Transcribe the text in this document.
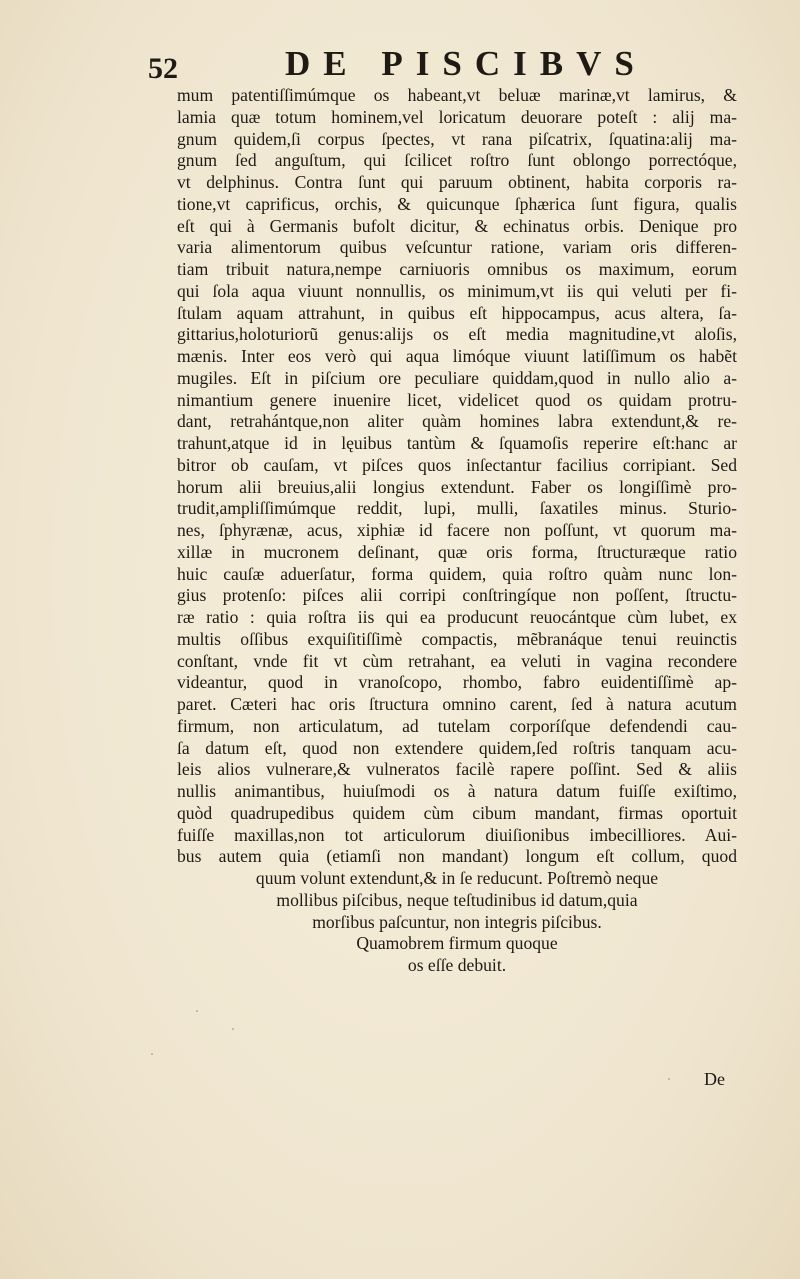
52	DE PISCIBVS
mum patentiſſimúmque os habeant,vt beluæ marinæ,vt lamirus, &
lamia quæ totum hominem,vel loricatum deuorare poteſt : alij ma-
gnum quidem,ſi corpus ſpectes, vt rana piſcatrix, ſquatina:alij ma-
gnum ſed anguſtum, qui ſcilicet roſtro ſunt oblongo porrectóque,
vt delphinus. Contra ſunt qui paruum obtinent, habita corporis ra-
tione,vt caprificus, orchis, & quicunque ſphærica ſunt figura, qualis
eſt qui à Germanis bufolt dicitur, & echinatus orbis. Denique pro
varia alimentorum quibus veſcuntur ratione, variam oris differen-
tiam tribuit natura,nempe carniuoris omnibus os maximum, eorum
qui ſola aqua viuunt nonnullis, os minimum,vt iis qui veluti per fi-
ſtulam aquam attrahunt, in quibus eſt hippocampus, acus altera, ſa-
gittarius,holoturiorũ genus:alijs os eſt media magnitudine,vt aloſis,
mænis. Inter eos verò qui aqua limóque viuunt latiſſimum os habẽt
mugiles. Eſt in piſcium ore peculiare quiddam,quod in nullo alio a-
nimantium genere inuenire licet, videlicet quod os quidam protru-
dant, retrahántque,non aliter quàm homines labra extendunt,& re-
trahunt,atque id in lęuibus tantùm & ſquamoſis reperire eſt:hanc ar
bitror ob cauſam, vt piſces quos inſectantur facilius corripiant. Sed
horum alii breuius,alii longius extendunt. Faber os longiſſimè pro-
trudit,ampliſſimúmque reddit, lupi, mulli, ſaxatiles minus. Sturio-
nes, ſphyrænæ, acus, xiphiæ id facere non poſſunt, vt quorum ma-
xillæ in mucronem deſinant, quæ oris forma, ſtructuræque ratio
huic cauſæ aduerſatur, forma quidem, quia roſtro quàm nunc lon-
gius protenſo: piſces alii corripi conſtringíque non poſſent, ſtructu-
ræ ratio : quia roſtra iis qui ea producunt reuocántque cùm lubet, ex
multis oſſibus exquiſitiſſimè compactis, mẽbranáque tenui reuinctis
conſtant, vnde fit vt cùm retrahant, ea veluti in vagina recondere
videantur, quod in vranoſcopo, rhombo, fabro euidentiſſimè ap-
paret. Cæteri hac oris ſtructura omnino carent, ſed à natura acutum
firmum, non articulatum, ad tutelam corporíſque defendendi cau-
ſa datum eſt, quod non extendere quidem,ſed roſtris tanquam acu-
leis alios vulnerare,& vulneratos facilè rapere poſſint. Sed & aliis
nullis animantibus, huiuſmodi os à natura datum fuiſſe exiſtimo,
quòd quadrupedibus quidem cùm cibum mandant, firmas oportuit
fuiſſe maxillas,non tot articulorum diuiſionibus imbecilliores. Aui-
bus autem quia (etiamſi non mandant) longum eſt collum, quod
quum volunt extendunt,& in ſe reducunt. Poſtremò neque
mollibus piſcibus, neque teſtudinibus id datum,quia
morſibus paſcuntur, non integris piſcibus.
Quamobrem firmum quoque
os eſſe debuit.
De
